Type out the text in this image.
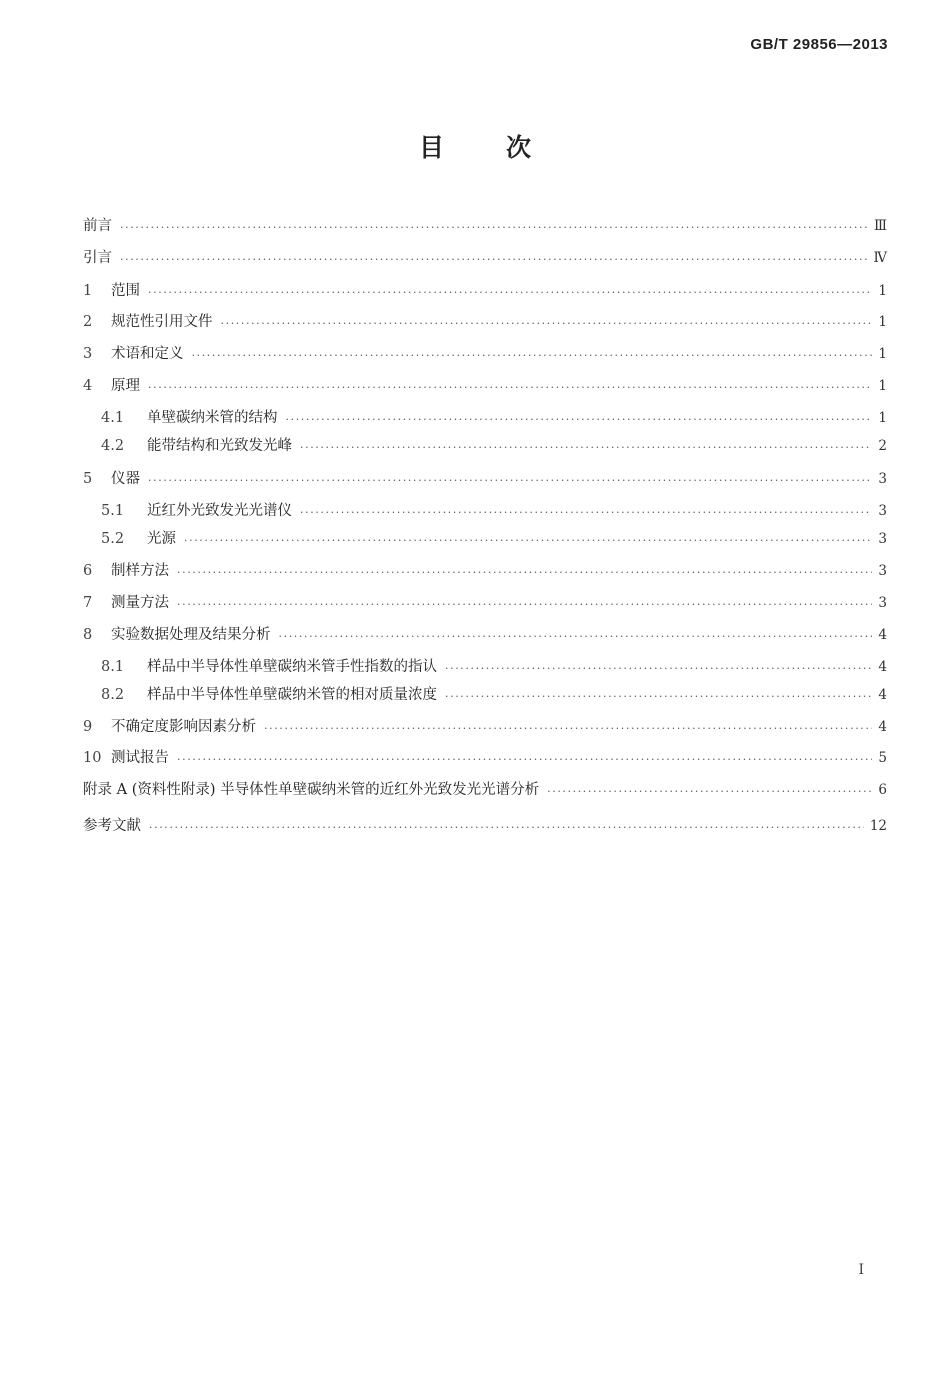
GB/T 29856—2013
目次
前言 ·····	Ⅲ
引言 ·····	Ⅳ
1	范围 ·····	1
2	规范性引用文件 ·····	1
3	术语和定义 ·····	1
4	原理 ·····	1
4.1	单壁碳纳米管的结构 ·····	1
4.2	能带结构和光致发光峰 ·····	2
5	仪器 ·····	3
5.1	近红外光致发光光谱仪 ·····	3
5.2	光源 ·····	3
6	制样方法 ·····	3
7	测量方法 ·····	3
8	实验数据处理及结果分析 ·····	4
8.1	样品中半导体性单壁碳纳米管手性指数的指认 ·····	4
8.2	样品中半导体性单壁碳纳米管的相对质量浓度 ·····	4
9	不确定度影响因素分析 ·····	4
10 测试报告 ·····	5
附录 A (资料性附录) 半导体性单壁碳纳米管的近红外光致发光光谱分析 ·····	6
参考文献 ·····	12
I
